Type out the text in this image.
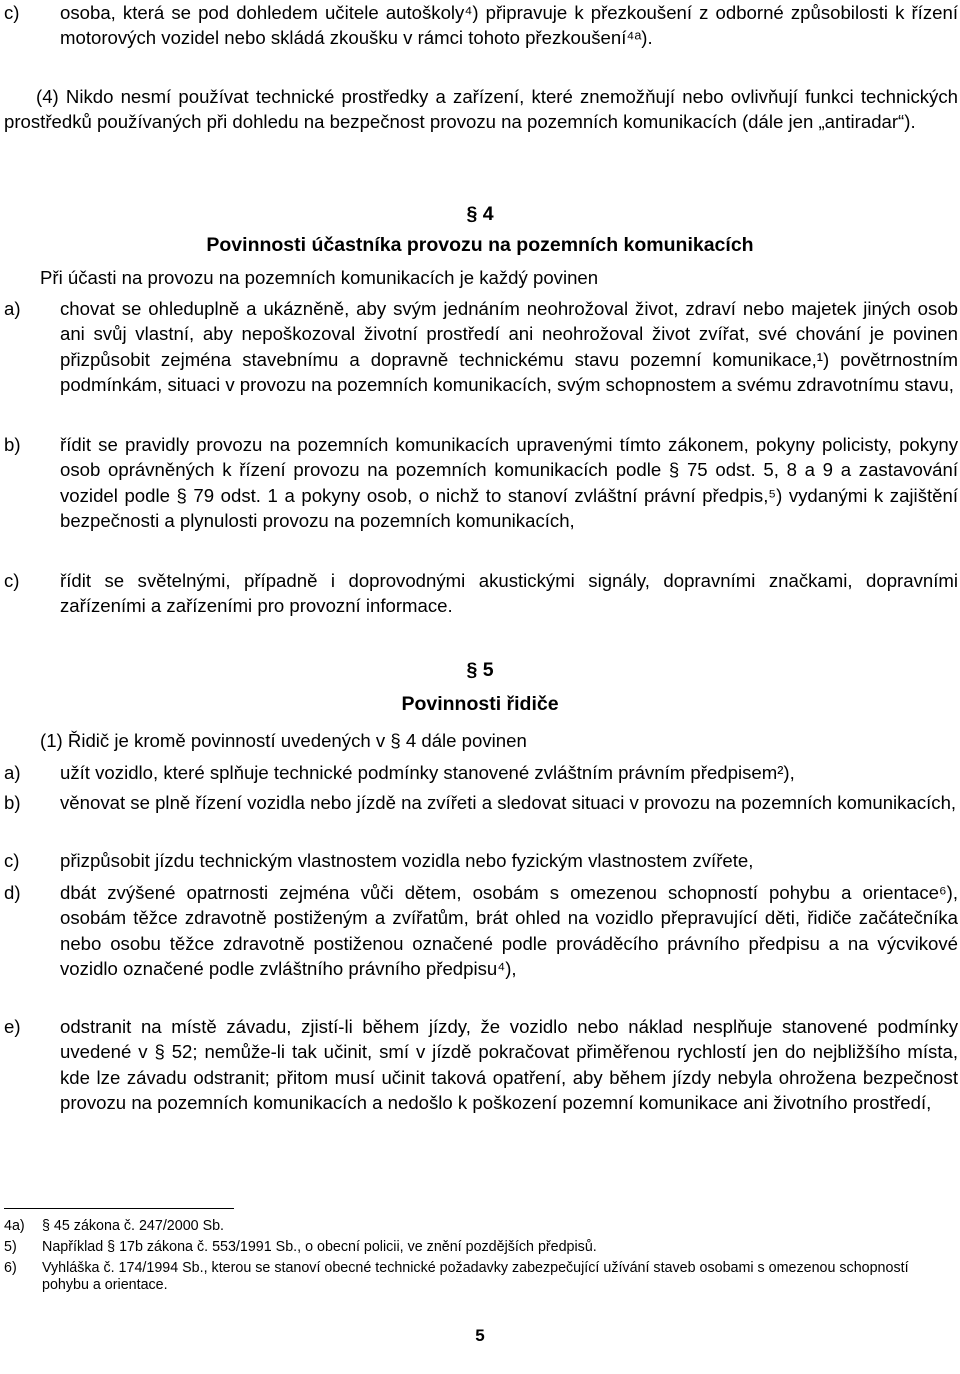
c)	osoba, která se pod dohledem učitele autoškoly⁴) připravuje k přezkoušení z odborné způsobilosti k řízení motorových vozidel nebo skládá zkoušku v rámci tohoto přezkoušení⁴ᵃ).
(4) Nikdo nesmí používat technické prostředky a zařízení, které znemožňují nebo ovlivňují funkci technických prostředků používaných při dohledu na bezpečnost provozu na pozemních komunikacích (dále jen „antiradar“).
§ 4
Povinnosti účastníka provozu na pozemních komunikacích
Při účasti na provozu na pozemních komunikacích je každý povinen
a)	chovat se ohleduplně a ukázněně, aby svým jednáním neohrožoval život, zdraví nebo majetek jiných osob ani svůj vlastní, aby nepoškozoval životní prostředí ani neohrožoval život zvířat, své chování je povinen přizpůsobit zejména stavebnímu a dopravně technickému stavu pozemní komunikace,¹) povětrnostním podmínkám, situaci v provozu na pozemních komunikacích, svým schopnostem a svému zdravotnímu stavu,
b)	řídit se pravidly provozu na pozemních komunikacích upravenými tímto zákonem, pokyny policisty, pokyny osob oprávněných k řízení provozu na pozemních komunikacích podle § 75 odst. 5, 8 a 9 a zastavování vozidel podle § 79 odst. 1 a pokyny osob, o nichž to stanoví zvláštní právní předpis,⁵) vydanými k zajištění bezpečnosti a plynulosti provozu na pozemních komunikacích,
c)	řídit se světelnými, případně i doprovodnými akustickými signály, dopravními značkami, dopravními zařízeními a zařízeními pro provozní informace.
§ 5
Povinnosti řidiče
(1) Řidič je kromě povinností uvedených v § 4 dále povinen
a)	užít vozidlo, které splňuje technické podmínky stanovené zvláštním právním předpisem²),
b)	věnovat se plně řízení vozidla nebo jízdě na zvířeti a sledovat situaci v provozu na pozemních komunikacích,
c)	přizpůsobit jízdu technickým vlastnostem vozidla nebo fyzickým vlastnostem zvířete,
d)	dbát zvýšené opatrnosti zejména vůči dětem, osobám s omezenou schopností pohybu a orientace⁶), osobám těžce zdravotně postiženým a zvířatům, brát ohled na vozidlo přepravující děti, řidiče začátečníka nebo osobu těžce zdravotně postiženou označené podle prováděcího právního předpisu a na výcvikové vozidlo označené podle zvláštního právního předpisu⁴),
e)	odstranit na místě závadu, zjistí-li během jízdy, že vozidlo nebo náklad nesplňuje stanovené podmínky uvedené v § 52; nemůže-li tak učinit, smí v jízdě pokračovat přiměřenou rychlostí jen do nejbližšího místa, kde lze závadu odstranit; přitom musí učinit taková opatření, aby během jízdy nebyla ohrožena bezpečnost provozu na pozemních komunikacích a nedošlo k poškození pozemní komunikace ani životního prostředí,
4a)	§ 45 zákona č. 247/2000 Sb.
5)	Například § 17b zákona č. 553/1991 Sb., o obecní policii, ve znění pozdějších předpisů.
6)	Vyhláška č. 174/1994 Sb., kterou se stanoví obecné technické požadavky zabezpečující užívání staveb osobami s omezenou schopností pohybu a orientace.
5
